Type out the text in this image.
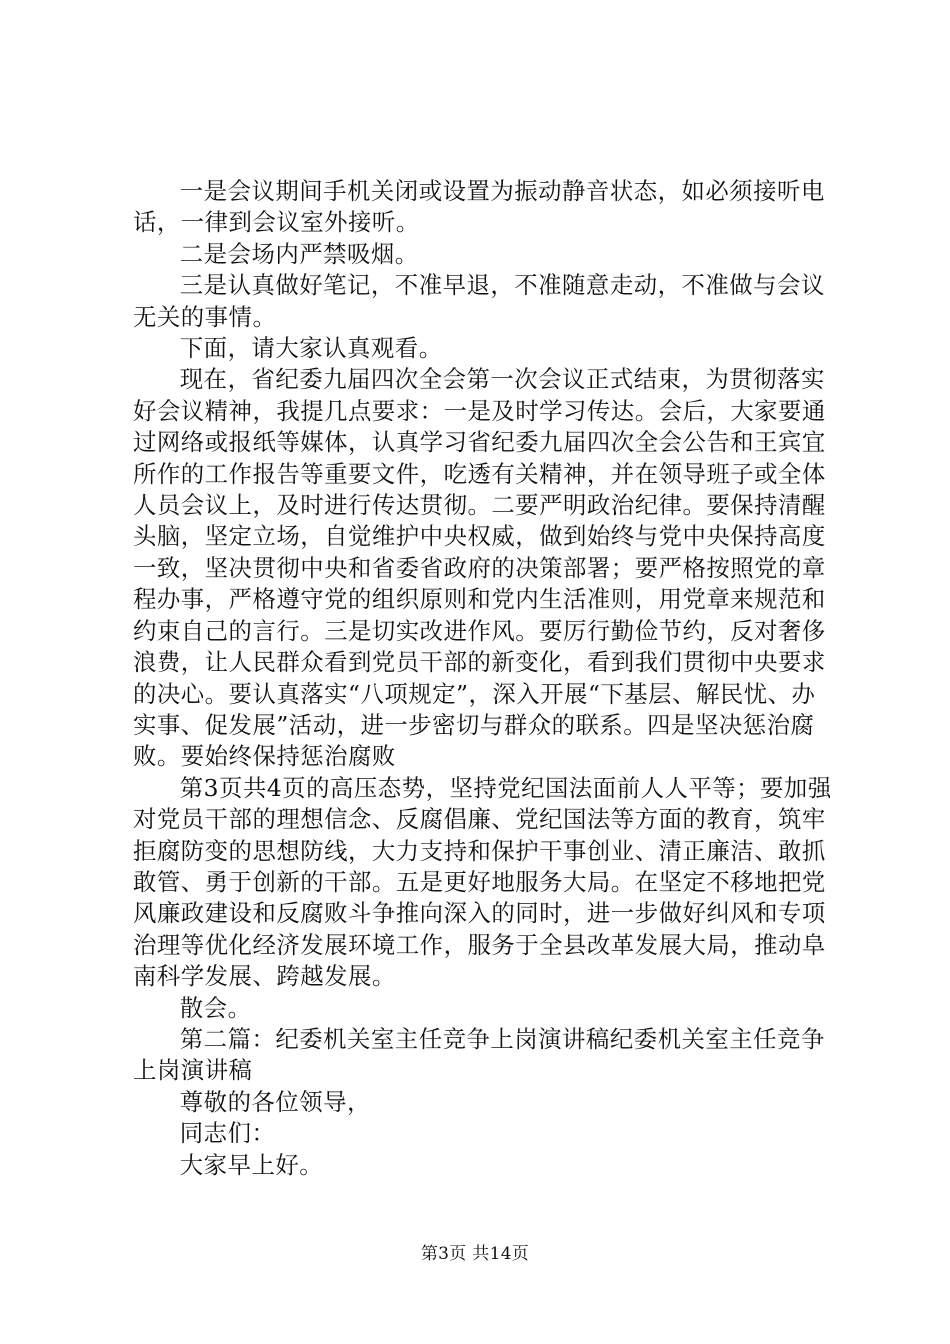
一是会议期间手机关闭或设置为振动静音状态，如必须接听电话，一律到会议室外接听。

二是会场内严禁吸烟。

三是认真做好笔记，不准早退，不准随意走动，不准做与会议无关的事情。

下面，请大家认真观看。

现在，省纪委九届四次全会第一次会议正式结束，为贯彻落实好会议精神，我提几点要求：一是及时学习传达。会后，大家要通过网络或报纸等媒体，认真学习省纪委九届四次全会公告和王宾宜所作的工作报告等重要文件，吃透有关精神，并在领导班子或全体人员会议上，及时进行传达贯彻。二要严明政治纪律。要保持清醒头脑，坚定立场，自觉维护中央权威，做到始终与党中央保持高度一致，坚决贯彻中央和省委省政府的决策部署；要严格按照党的章程办事，严格遵守党的组织原则和党内生活准则，用党章来规范和约束自己的言行。三是切实改进作风。要厉行勤俭节约，反对奢侈浪费，让人民群众看到党员干部的新变化，看到我们贯彻中央要求的决心。要认真落实“八项规定”，深入开展“下基层、解民忧、办实事、促发展”活动，进一步密切与群众的联系。四是坚决惩治腐败。要始终保持惩治腐败

第3页共4页的高压态势，坚持党纪国法面前人人平等；要加强对党员干部的理想信念、反腐倡廉、党纪国法等方面的教育，筑牢拒腐防变的思想防线，大力支持和保护干事创业、清正廉洁、敢抓敢管、勇于创新的干部。五是更好地服务大局。在坚定不移地把党风廉政建设和反腐败斗争推向深入的同时，进一步做好纠风和专项治理等优化经济发展环境工作，服务于全县改革发展大局，推动阜南科学发展、跨越发展。

散会。

第二篇：纪委机关室主任竞争上岗演讲稿纪委机关室主任竞争上岗演讲稿

尊敬的各位领导，

同志们：

大家早上好。

第3页 共14页
